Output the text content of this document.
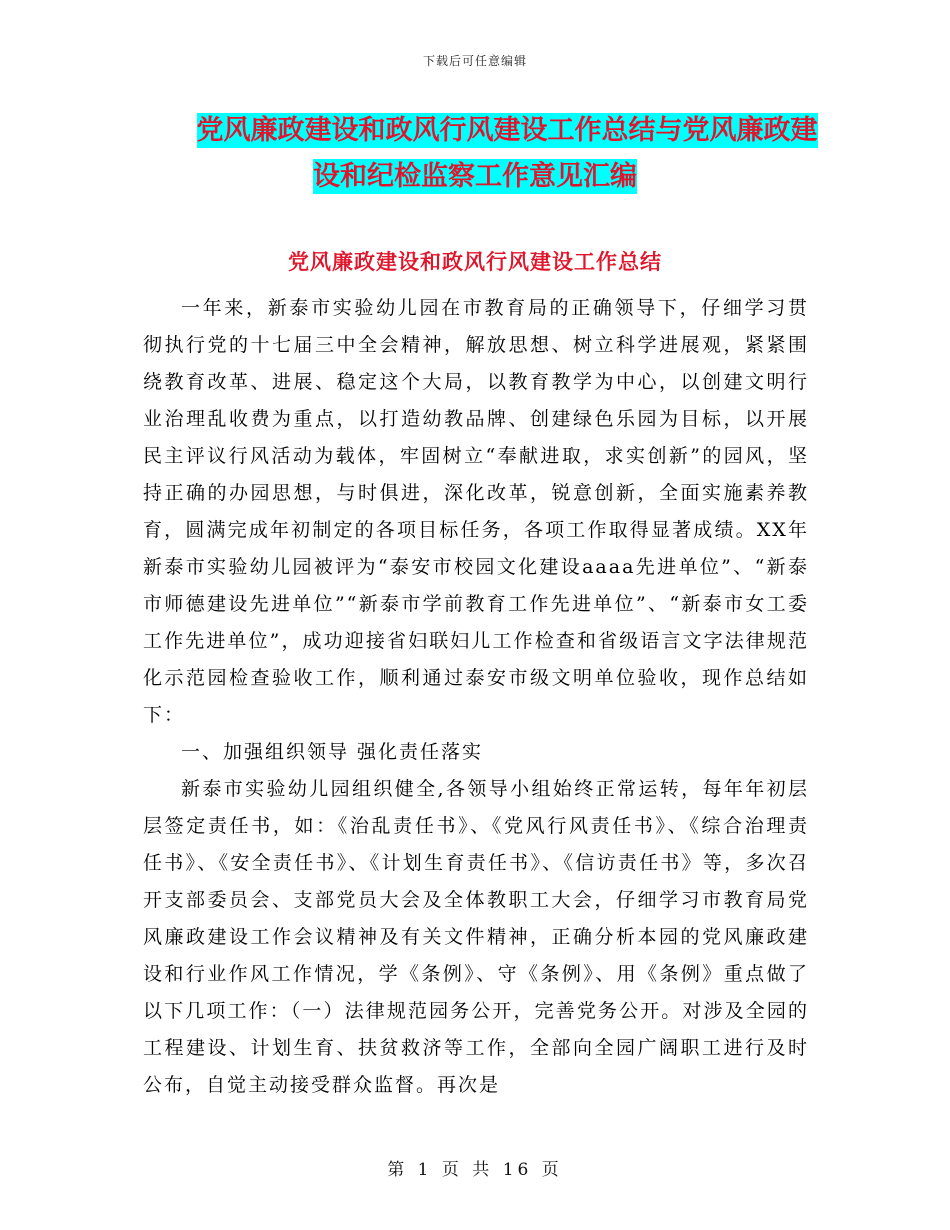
下载后可任意编辑
党风廉政建设和政风行风建设工作总结与党风廉政建
设和纪检监察工作意见汇编
党风廉政建设和政风行风建设工作总结

一年来，新泰市实验幼儿园在市教育局的正确领导下，仔细学习贯彻执行党的十七届三中全会精神，解放思想、树立科学进展观，紧紧围绕教育改革、进展、稳定这个大局，以教育教学为中心，以创建文明行业治理乱收费为重点，以打造幼教品牌、创建绿色乐园为目标，以开展民主评议行风活动为载体，牢固树立“奉献进取，求实创新”的园风，坚持正确的办园思想，与时俱进，深化改革，锐意创新，全面实施素养教育，圆满完成年初制定的各项目标任务，各项工作取得显著成绩。XX年新泰市实验幼儿园被评为“泰安市校园文化建设aaaa先进单位”、“新泰市师德建设先进单位”“新泰市学前教育工作先进单位”、“新泰市女工委工作先进单位”，成功迎接省妇联妇儿工作检查和省级语言文字法律规范化示范园检查验收工作，顺利通过泰安市级文明单位验收，现作总结如下：

一、加强组织领导 强化责任落实

新泰市实验幼儿园组织健全,各领导小组始终正常运转，每年年初层层签定责任书，如：《治乱责任书》、《党风行风责任书》、《综合治理责任书》、《安全责任书》、《计划生育责任书》、《信访责任书》等，多次召开支部委员会、支部党员大会及全体教职工大会，仔细学习市教育局党风廉政建设工作会议精神及有关文件精神，正确分析本园的党风廉政建设和行业作风工作情况，学《条例》、守《条例》、用《条例》重点做了以下几项工作：（一）法律规范园务公开，完善党务公开。对涉及全园的工程建设、计划生育、扶贫救济等工作，全部向全园广阔职工进行及时公布，自觉主动接受群众监督。再次是

第 1 页 共 16 页
